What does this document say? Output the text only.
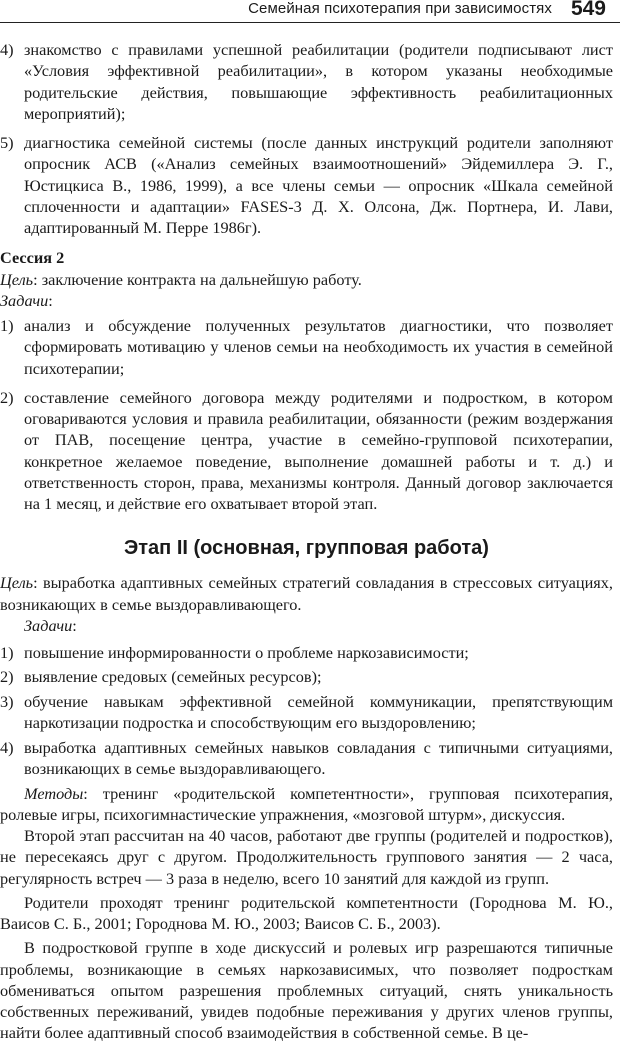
Семейная психотерапия при зависимостях 549
4) знакомство с правилами успешной реабилитации (родители подписывают лист «Условия эффективной реабилитации», в котором указаны необходимые родительские действия, повышающие эффективность реабилитационных мероприятий);
5) диагностика семейной системы (после данных инструкций родители заполняют опросник АСВ («Анализ семейных взаимоотношений» Эйдемиллера Э. Г., Юстицкиса В., 1986, 1999), а все члены семьи — опросник «Шкала семейной сплоченности и адаптации» FASES-3 Д. Х. Олсона, Дж. Портнера, И. Лави, адаптированный М. Перре 1986г).
Сессия 2
Цель: заключение контракта на дальнейшую работу.
Задачи:
1) анализ и обсуждение полученных результатов диагностики, что позволяет сформировать мотивацию у членов семьи на необходимость их участия в семейной психотерапии;
2) составление семейного договора между родителями и подростком, в котором оговариваются условия и правила реабилитации, обязанности (режим воздержания от ПАВ, посещение центра, участие в семейно-групповой психотерапии, конкретное желаемое поведение, выполнение домашней работы и т. д.) и ответственность сторон, права, механизмы контроля. Данный договор заключается на 1 месяц, и действие его охватывает второй этап.
Этап II (основная, групповая работа)
Цель: выработка адаптивных семейных стратегий совладания в стрессовых ситуациях, возникающих в семье выздоравливающего.
Задачи:
1) повышение информированности о проблеме наркозависимости;
2) выявление средовых (семейных ресурсов);
3) обучение навыкам эффективной семейной коммуникации, препятствующим наркотизации подростка и способствующим его выздоровлению;
4) выработка адаптивных семейных навыков совладания с типичными ситуациями, возникающих в семье выздоравливающего.
Методы: тренинг «родительской компетентности», групповая психотерапия, ролевые игры, психогимнастические упражнения, «мозговой штурм», дискуссия.
Второй этап рассчитан на 40 часов, работают две группы (родителей и подростков), не пересекаясь друг с другом. Продолжительность группового занятия — 2 часа, регулярность встреч — 3 раза в неделю, всего 10 занятий для каждой из групп.
Родители проходят тренинг родительской компетентности (Городнова М. Ю., Ваисов С. Б., 2001; Городнова М. Ю., 2003; Ваисов С. Б., 2003).
В подростковой группе в ходе дискуссий и ролевых игр разрешаются типичные проблемы, возникающие в семьях наркозависимых, что позволяет подросткам обмениваться опытом разрешения проблемных ситуаций, снять уникальность собственных переживаний, увидев подобные переживания у других членов группы, найти более адаптивный способ взаимодействия в собственной семье. В це-
